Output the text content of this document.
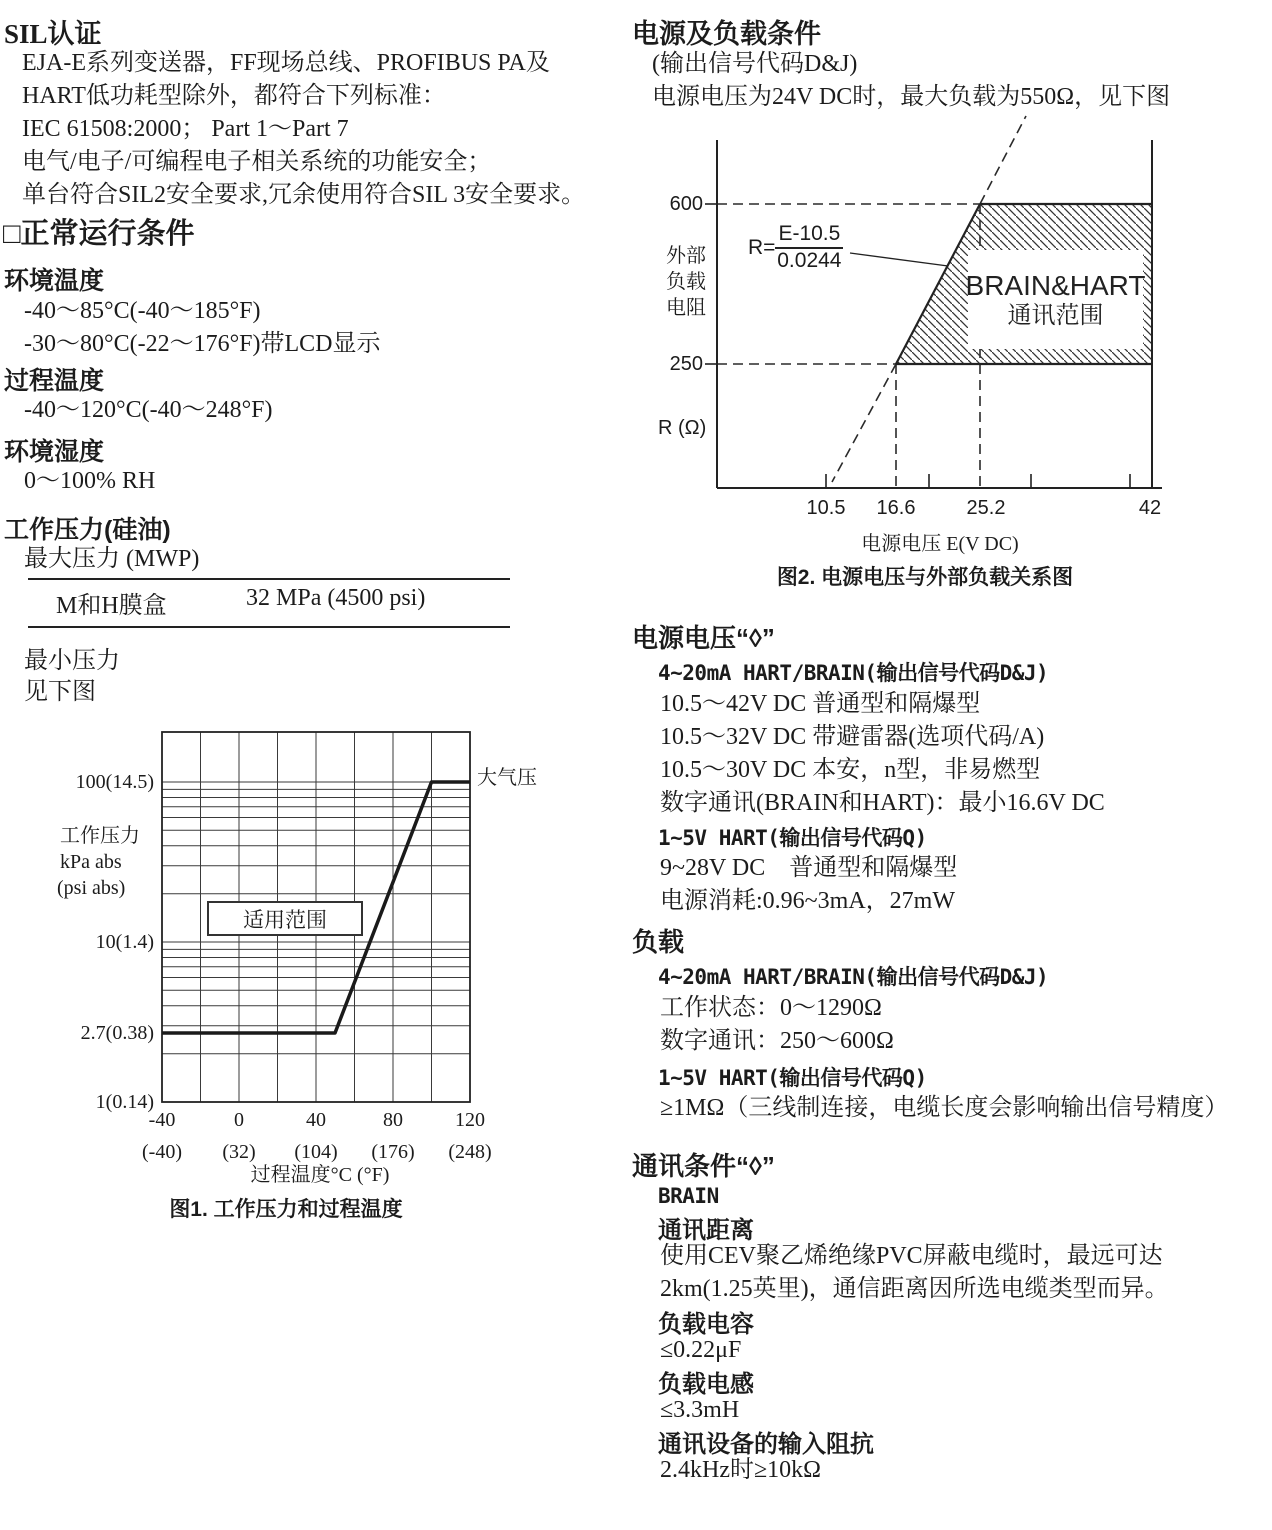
SIL认证
EJA-E系列变送器，FF现场总线、PROFIBUS PA及
HART低功耗型除外，都符合下列标准：
IEC 61508:2000； Part 1～Part 7
电气/电子/可编程电子相关系统的功能安全；
单台符合SIL2安全要求,冗余使用符合SIL 3安全要求。
□正常运行条件
环境温度
-40～85°C(-40～185°F)
-30～80°C(-22～176°F)带LCD显示
过程温度
-40～120°C(-40～248°F)
环境湿度
0～100% RH
工作压力(硅油)
最大压力 (MWP)
M和H膜盒	32 MPa (4500 psi)
最小压力
见下图
100(14.5)
10(1.4)
2.7(0.38)
1(0.14)
工作压力
kPa abs
(psi abs)
大气压
适用范围
-40	0	40	80	120
(-40)	(32)	(104)	(176)	(248)
过程温度°C (°F)
图1. 工作压力和过程温度
电源及负载条件
(输出信号代码D&J)
电源电压为24V DC时，最大负载为550Ω，见下图
600
250
外部
负载
电阻
R (Ω)
$R= \frac{E-10.5}{0.0244}$
BRAIN&HART
通讯范围
10.5	16.6	25.2	42
电源电压 E(V DC)
图2. 电源电压与外部负载关系图
电源电压“◊”
4~20mA HART/BRAIN(输出信号代码D&J)
10.5～42V DC 普通型和隔爆型
10.5～32V DC 带避雷器(选项代码/A)
10.5～30V DC 本安，n型，非易燃型
数字通讯(BRAIN和HART)：最小16.6V DC
1~5V HART(输出信号代码Q)
9~28V DC　普通型和隔爆型
电源消耗:0.96~3mA，27mW
负载
4~20mA HART/BRAIN(输出信号代码D&J)
工作状态：0～1290Ω
数字通讯：250～600Ω
1~5V HART(输出信号代码Q)
≥1MΩ（三线制连接，电缆长度会影响输出信号精度）
通讯条件“◊”
BRAIN
通讯距离
使用CEV聚乙烯绝缘PVC屏蔽电缆时，最远可达
2km(1.25英里)，通信距离因所选电缆类型而异。
负载电容
≤0.22μF
负载电感
≤3.3mH
通讯设备的输入阻抗
2.4kHz时≥10kΩ
